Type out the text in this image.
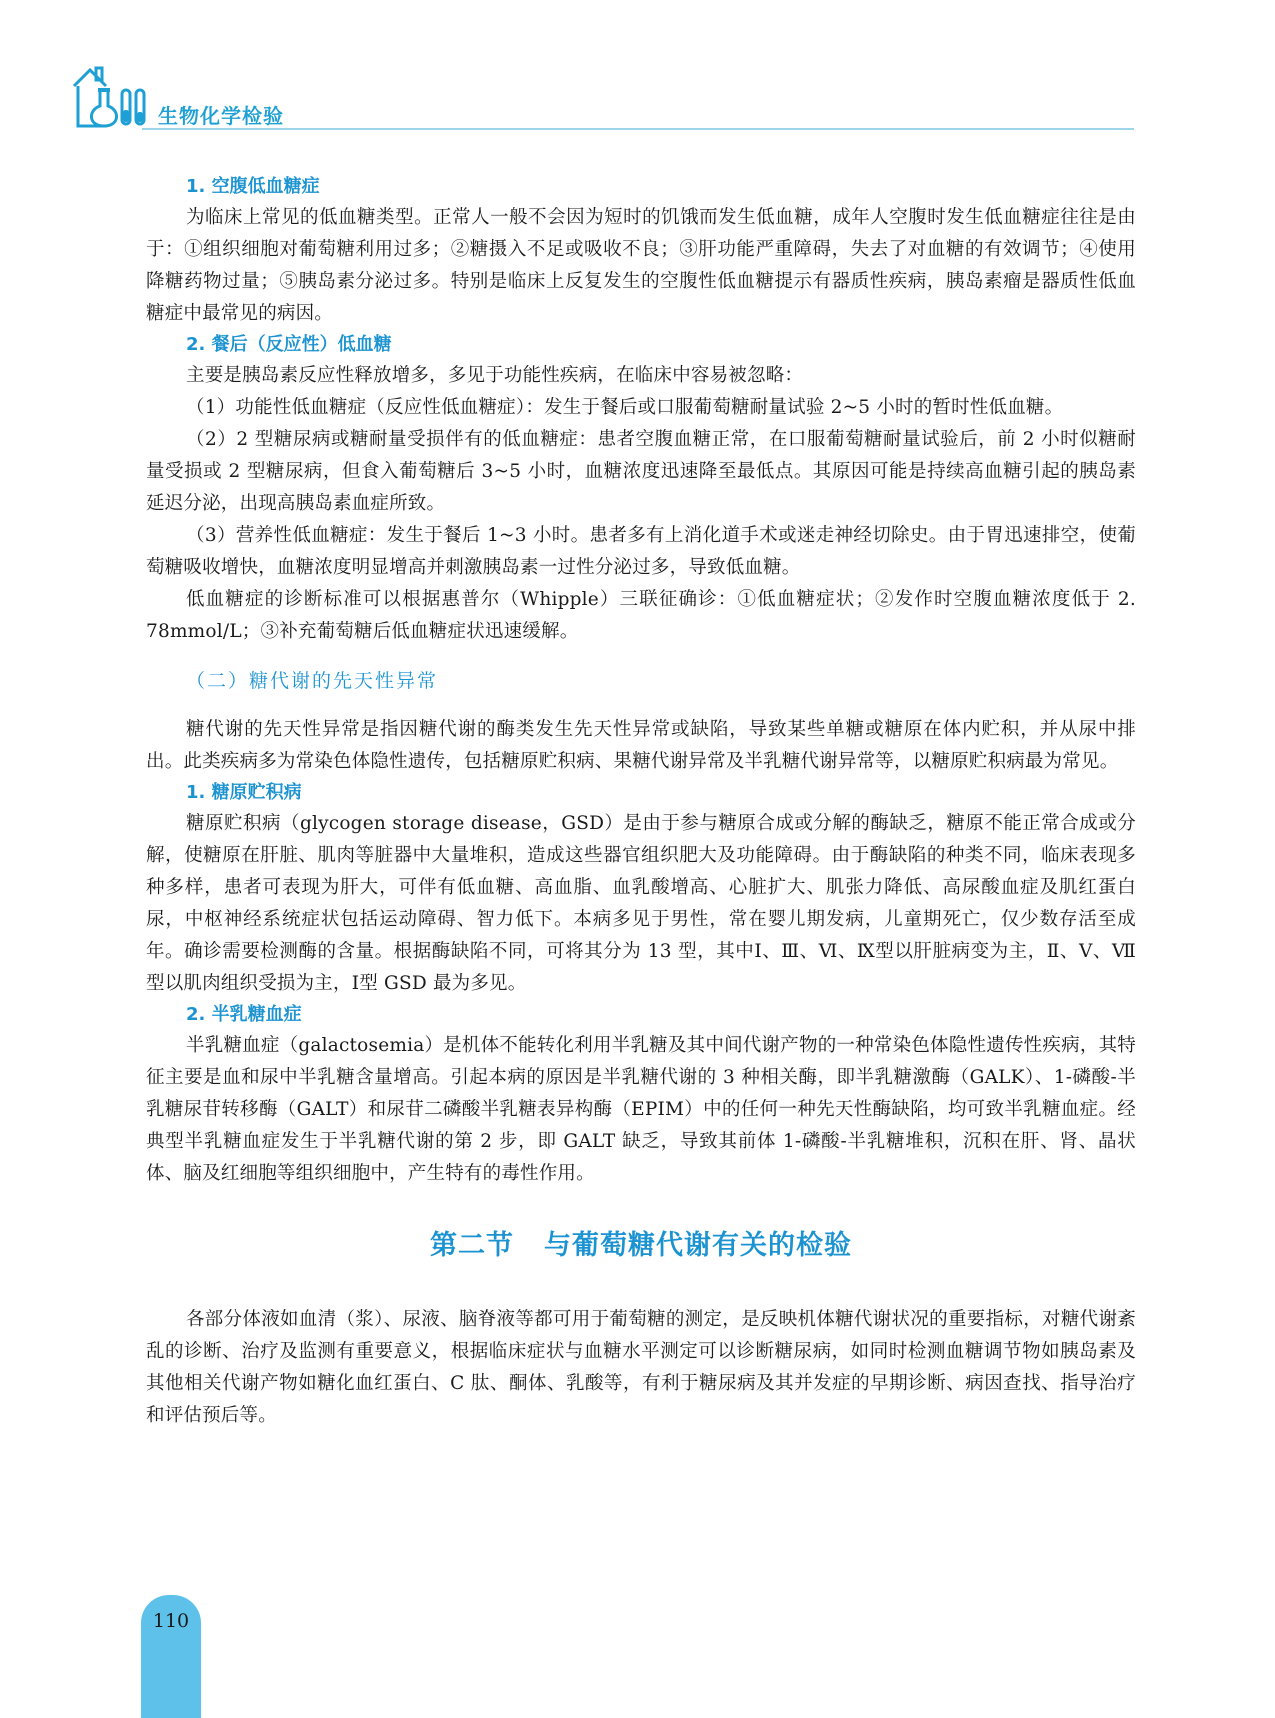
生物化学检验
1. 空腹低血糖症

为临床上常见的低血糖类型。正常人一般不会因为短时的饥饿而发生低血糖，成年人空腹时发生低血糖症往往是由于：①组织细胞对葡萄糖利用过多；②糖摄入不足或吸收不良；③肝功能严重障碍，失去了对血糖的有效调节；④使用降糖药物过量；⑤胰岛素分泌过多。特别是临床上反复发生的空腹性低血糖提示有器质性疾病，胰岛素瘤是器质性低血糖症中最常见的病因。

2. 餐后（反应性）低血糖

主要是胰岛素反应性释放增多，多见于功能性疾病，在临床中容易被忽略：

（1）功能性低血糖症（反应性低血糖症）：发生于餐后或口服葡萄糖耐量试验 2~5 小时的暂时性低血糖。

（2）2 型糖尿病或糖耐量受损伴有的低血糖症：患者空腹血糖正常，在口服葡萄糖耐量试验后，前 2 小时似糖耐量受损或 2 型糖尿病，但食入葡萄糖后 3~5 小时，血糖浓度迅速降至最低点。其原因可能是持续高血糖引起的胰岛素延迟分泌，出现高胰岛素血症所致。

（3）营养性低血糖症：发生于餐后 1~3 小时。患者多有上消化道手术或迷走神经切除史。由于胃迅速排空，使葡萄糖吸收增快，血糖浓度明显增高并刺激胰岛素一过性分泌过多，导致低血糖。

低血糖症的诊断标准可以根据惠普尔（Whipple）三联征确诊：①低血糖症状；②发作时空腹血糖浓度低于 2. 78mmol/L；③补充葡萄糖后低血糖症状迅速缓解。

（二）糖代谢的先天性异常

糖代谢的先天性异常是指因糖代谢的酶类发生先天性异常或缺陷，导致某些单糖或糖原在体内贮积，并从尿中排出。此类疾病多为常染色体隐性遗传，包括糖原贮积病、果糖代谢异常及半乳糖代谢异常等，以糖原贮积病最为常见。

1. 糖原贮积病

糖原贮积病（glycogen storage disease，GSD）是由于参与糖原合成或分解的酶缺乏，糖原不能正常合成或分解，使糖原在肝脏、肌肉等脏器中大量堆积，造成这些器官组织肥大及功能障碍。由于酶缺陷的种类不同，临床表现多种多样，患者可表现为肝大，可伴有低血糖、高血脂、血乳酸增高、心脏扩大、肌张力降低、高尿酸血症及肌红蛋白尿，中枢神经系统症状包括运动障碍、智力低下。本病多见于男性，常在婴儿期发病，儿童期死亡，仅少数存活至成年。确诊需要检测酶的含量。根据酶缺陷不同，可将其分为 13 型，其中Ⅰ、Ⅲ、Ⅵ、Ⅸ型以肝脏病变为主，Ⅱ、Ⅴ、Ⅶ型以肌肉组织受损为主，Ⅰ型 GSD 最为多见。

2. 半乳糖血症

半乳糖血症（galactosemia）是机体不能转化利用半乳糖及其中间代谢产物的一种常染色体隐性遗传性疾病，其特征主要是血和尿中半乳糖含量增高。引起本病的原因是半乳糖代谢的 3 种相关酶，即半乳糖激酶（GALK）、1-磷酸-半乳糖尿苷转移酶（GALT）和尿苷二磷酸半乳糖表异构酶（EPIM）中的任何一种先天性酶缺陷，均可致半乳糖血症。经典型半乳糖血症发生于半乳糖代谢的第 2 步，即 GALT 缺乏，导致其前体 1-磷酸-半乳糖堆积，沉积在肝、肾、晶状体、脑及红细胞等组织细胞中，产生特有的毒性作用。

第二节 与葡萄糖代谢有关的检验

各部分体液如血清（浆）、尿液、脑脊液等都可用于葡萄糖的测定，是反映机体糖代谢状况的重要指标，对糖代谢紊乱的诊断、治疗及监测有重要意义，根据临床症状与血糖水平测定可以诊断糖尿病，如同时检测血糖调节物如胰岛素及其他相关代谢产物如糖化血红蛋白、C 肽、酮体、乳酸等，有利于糖尿病及其并发症的早期诊断、病因查找、指导治疗和评估预后等。

110
